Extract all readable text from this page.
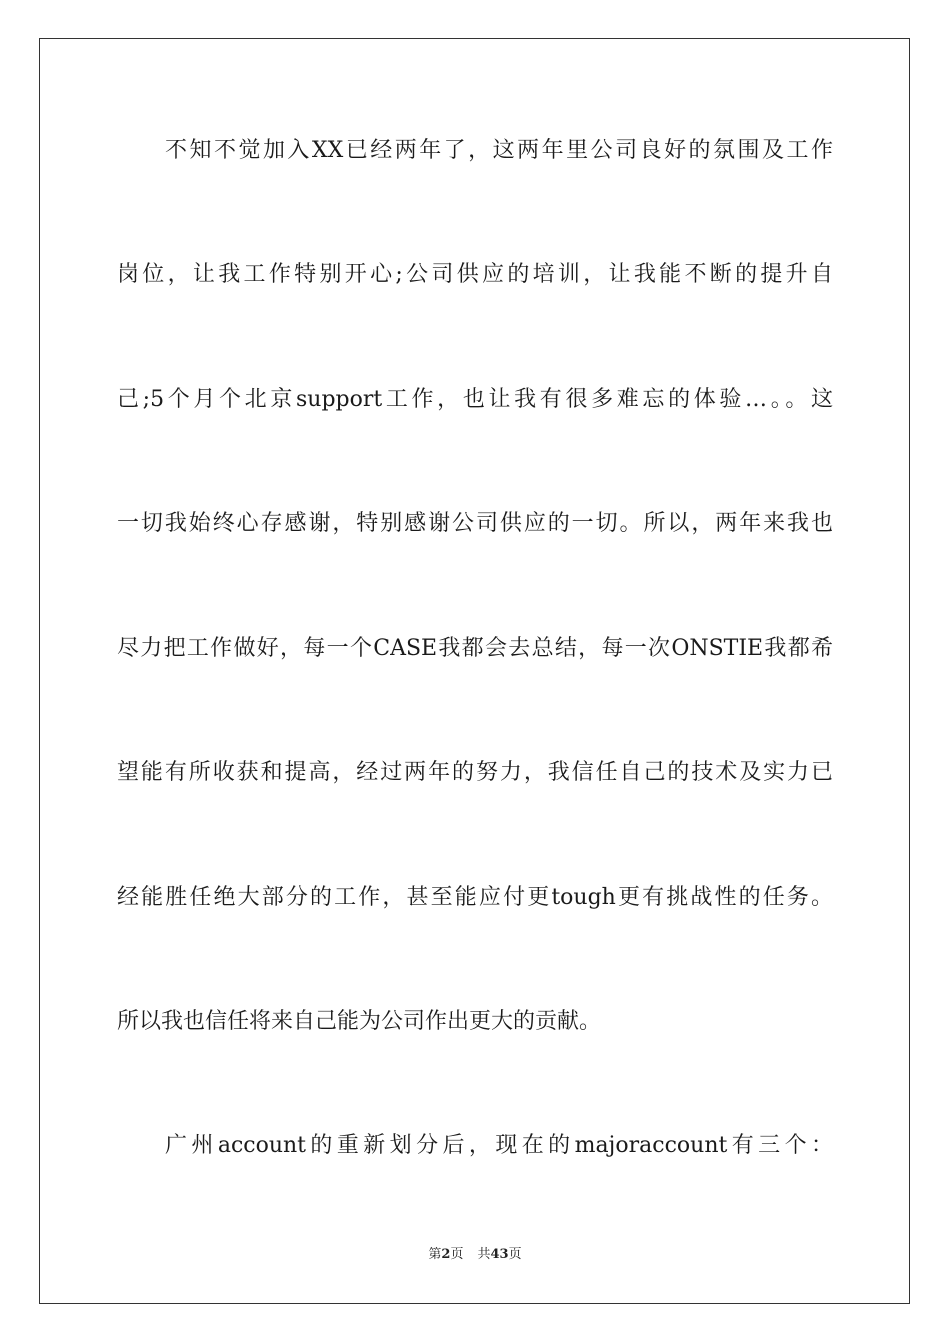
不知不觉加入XX已经两年了，这两年里公司良好的氛围及工作
岗位，让我工作特别开心;公司供应的培训，让我能不断的提升自
己;5个月个北京support工作，也让我有很多难忘的体验…。。这
一切我始终心存感谢，特别感谢公司供应的一切。所以，两年来我也
尽力把工作做好，每一个CASE我都会去总结，每一次ONSTIE我都希
望能有所收获和提高，经过两年的努力，我信任自己的技术及实力已
经能胜任绝大部分的工作，甚至能应付更tough更有挑战性的任务。
所以我也信任将来自己能为公司作出更大的贡献。
广州account的重新划分后，现在的majoraccount有三个：
第2页 共43页
